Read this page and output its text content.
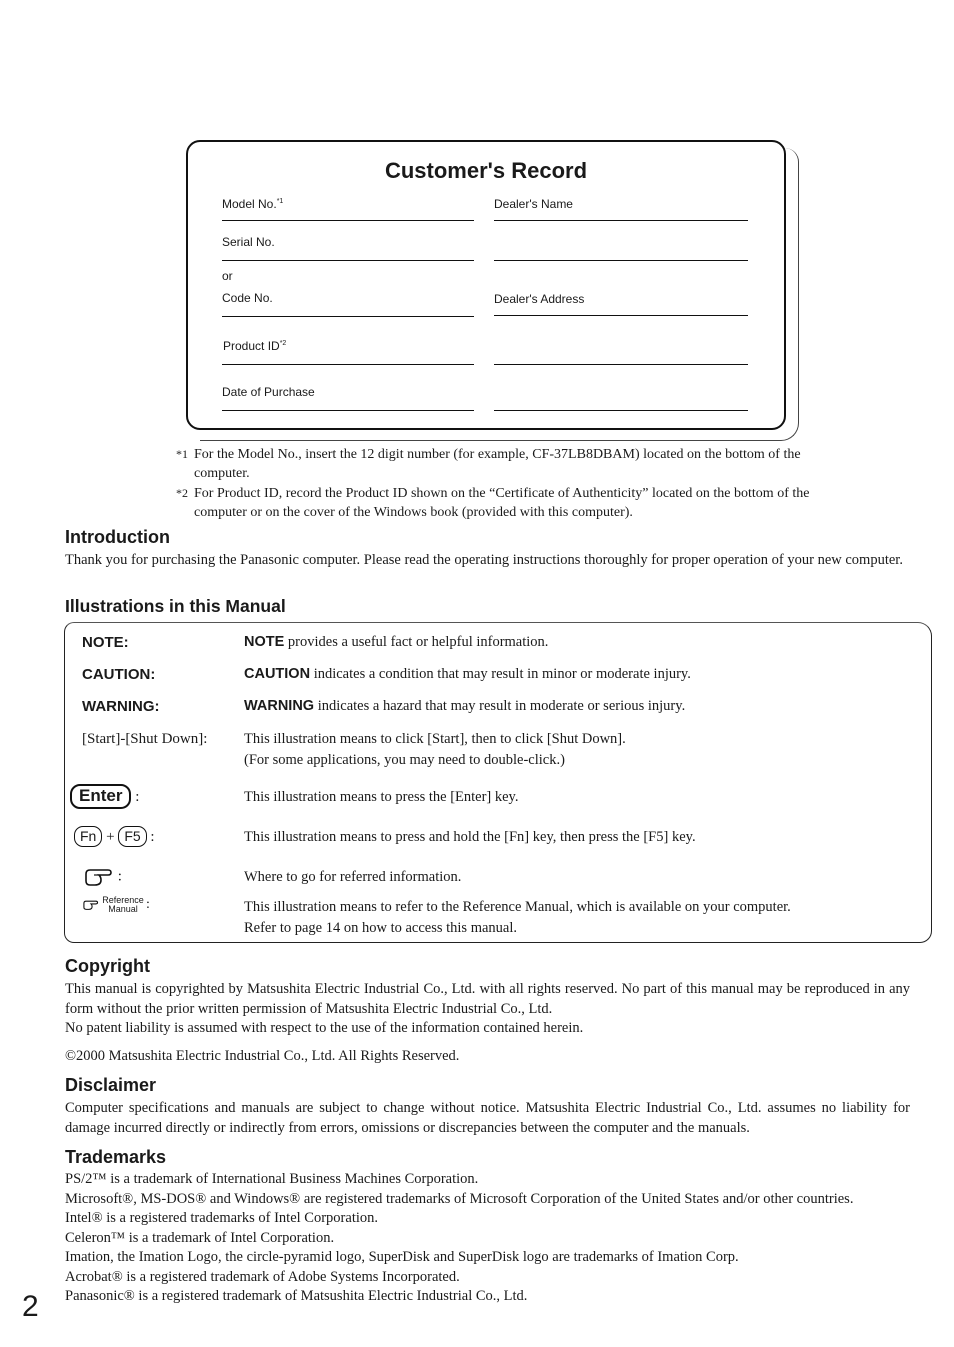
Customer's Record
Model No.$^{*1}$	Dealer's Name
Serial No.
or
Code No.	Dealer's Address
Product ID$^{*2}$
Date of Purchase
*1 For the Model No., insert the 12 digit number (for example, CF-37LB8DBAM) located on the bottom of the computer.
*2 For Product ID, record the Product ID shown on the “Certificate of Authenticity” located on the bottom of the computer or on the cover of the Windows book (provided with this computer).
Introduction
Thank you for purchasing the Panasonic computer. Please read the operating instructions thoroughly for proper operation of your new computer.
Illustrations in this Manual
NOTE:	NOTE provides a useful fact or helpful information.
CAUTION:	CAUTION indicates a condition that may result in minor or moderate injury.
WARNING:	WARNING indicates a hazard that may result in moderate or serious injury.
[Start]-[Shut Down]:	This illustration means to click [Start], then to click [Shut Down].
(For some applications, you may need to double-click.)
Enter :	This illustration means to press the [Enter] key.
Fn + F5 :	This illustration means to press and hold the [Fn] key, then press the [F5] key.
:	Where to go for referred information.

Reference
Manual :	This illustration means to refer to the Reference Manual, which is available on your computer.
Refer to page 14 on how to access this manual.
Copyright

This manual is copyrighted by Matsushita Electric Industrial Co., Ltd. with all rights reserved. No part of this manual may be reproduced in any form without the prior written permission of Matsushita Electric Industrial Co., Ltd.

No patent liability is assumed with respect to the use of the information contained herein.

©2000 Matsushita Electric Industrial Co., Ltd. All Rights Reserved.

Disclaimer
Computer specifications and manuals are subject to change without notice. Matsushita Electric Industrial Co., Ltd. assumes no liability for damage incurred directly or indirectly from errors, omissions or discrepancies between the computer and the manuals.
Trademarks

PS/2™ is a trademark of International Business Machines Corporation.

Microsoft®, MS-DOS® and Windows® are registered trademarks of Microsoft Corporation of the United States and/or other countries.

Intel® is a registered trademarks of Intel Corporation.

Celeron™ is a trademark of Intel Corporation.

Imation, the Imation Logo, the circle-pyramid logo, SuperDisk and SuperDisk logo are trademarks of Imation Corp.

Acrobat® is a registered trademark of Adobe Systems Incorporated.

Panasonic® is a registered trademark of Matsushita Electric Industrial Co., Ltd.

2
